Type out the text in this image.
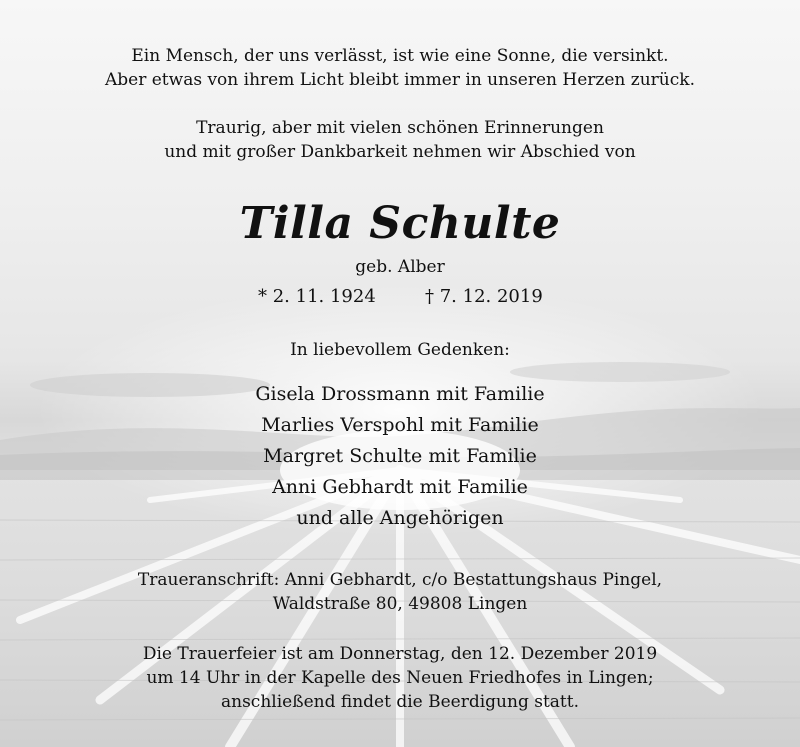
Ein Mensch, der uns verlässt, ist wie eine Sonne, die versinkt.
Aber etwas von ihrem Licht bleibt immer in unseren Herzen zurück.
Traurig, aber mit vielen schönen Erinnerungen
und mit großer Dankbarkeit nehmen wir Abschied von
Tilla Schulte
geb. Alber
* 2. 11. 1924	† 7. 12. 2019
In liebevollem Gedenken:
Gisela Drossmann mit Familie
Marlies Verspohl mit Familie
Margret Schulte mit Familie
Anni Gebhardt mit Familie
und alle Angehörigen
Traueranschrift: Anni Gebhardt, c/o Bestattungshaus Pingel,
Waldstraße 80, 49808 Lingen
Die Trauerfeier ist am Donnerstag, den 12. Dezember 2019
um 14 Uhr in der Kapelle des Neuen Friedhofes in Lingen;
anschließend findet die Beerdigung statt.
